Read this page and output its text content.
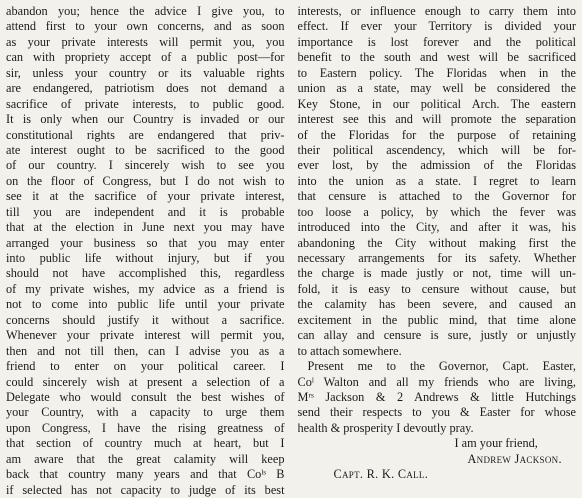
abandon you; hence the advice I give you, to
attend first to your own concerns, and as soon
as your private interests will permit you, you
can with propriety accept of a public post—for
sir, unless your country or its valuable rights
are endangered, patriotism does not demand a
sacrifice of private interests, to public good.
It is only when our Country is invaded or our
constitutional rights are endangered that priv-
ate interest ought to be sacrificed to the good
of our country. I sincerely wish to see you
on the floor of Congress, but I do not wish to
see it at the sacrifice of your private interest,
till you are independent and it is probable
that at the election in June next you may have
arranged your business so that you may enter
into public life without injury, but if you
should not have accomplished this, regardless
of my private wishes, my advice as a friend is
not to come into public life until your private
concerns should justify it without a sacrifice.
Whenever your private interest will permit you,
then and not till then, can I advise you as a
friend to enter on your political career. I
could sincerely wish at present a selection of a
Delegate who would consult the best wishes of
your Country, with a capacity to urge them
upon Congress, I have the rising greatness of
that section of country much at heart, but I
am aware that the great calamity will keep
back that country many years and that Coˡˢ B
if selected has not capacity to judge of its best
interests, or influence enough to carry them into
effect. If ever your Territory is divided your
importance is lost forever and the political
benefit to the south and west will be sacrificed
to Eastern policy. The Floridas when in the
union as a state, may well be considered the
Key Stone, in our political Arch. The eastern
interest see this and will promote the separation
of the Floridas for the purpose of retaining
their political ascendency, which will be for-
ever lost, by the admission of the Floridas
into the union as a state. I regret to learn
that censure is attached to the Governor for
too loose a policy, by which the fever was
introduced into the City, and after it was, his
abandoning the City without making first the
necessary arrangements for its safety. Whether
the charge is made justly or not, time will un-
fold, it is easy to censure without cause, but
the calamity has been severe, and caused an
excitement in the public mind, that time alone
can allay and censure is sure, justly or unjustly
to attach somewhere.
Present me to the Governor, Capt. Easter,
Coˡ Walton and all my friends who are living,
Mʳˢ Jackson & 2 Andrews & little Hutchings
send their respects to you & Easter for whose
health & prosperity I devoutly pray.
I am your friend,
Andrew Jackson.
Capt. R. K. Call.
